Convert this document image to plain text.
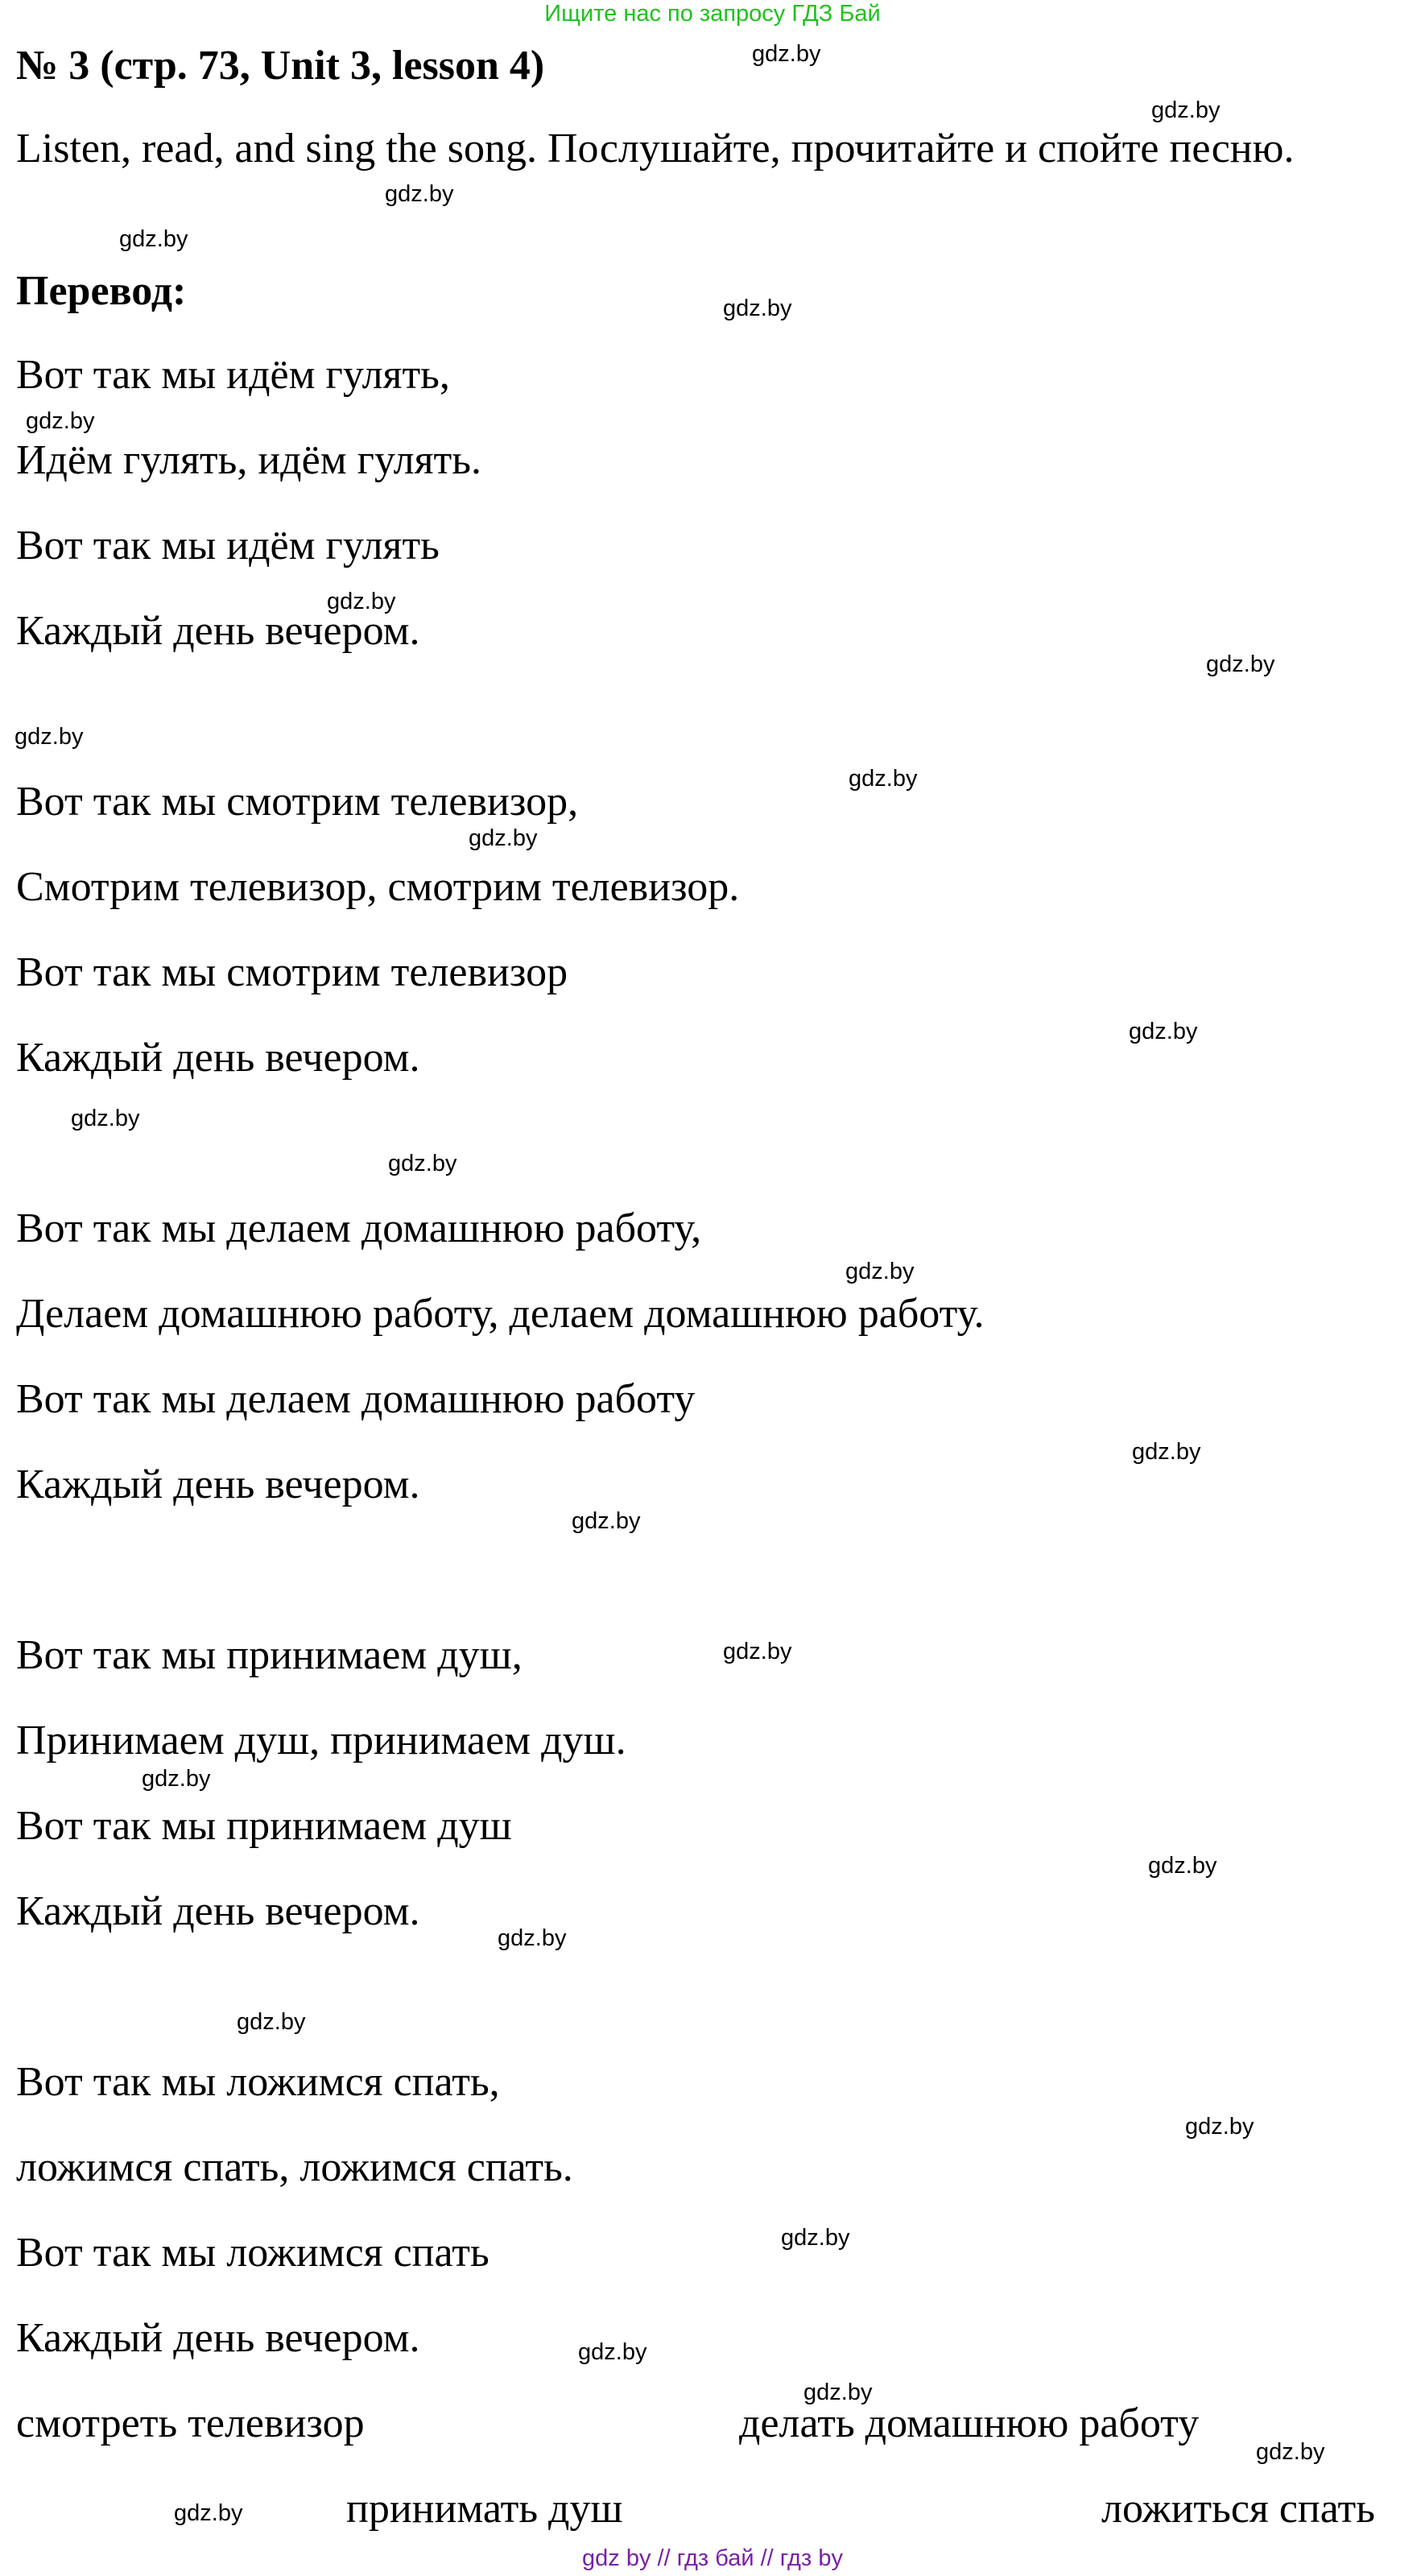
Ищите нас по запросу ГДЗ Бай
№ 3 (стр. 73, Unit 3, lesson 4)
Listen, read, and sing the song. Послушайте, прочитайте и спойте песню.
Перевод:
Вот так мы идём гулять,
Идём гулять, идём гулять.
Вот так мы идём гулять
Каждый день вечером.
Вот так мы смотрим телевизор,
Смотрим телевизор, смотрим телевизор.
Вот так мы смотрим телевизор
Каждый день вечером.
Вот так мы делаем домашнюю работу,
Делаем домашнюю работу, делаем домашнюю работу.
Вот так мы делаем домашнюю работу
Каждый день вечером.
Вот так мы принимаем душ,
Принимаем душ, принимаем душ.
Вот так мы принимаем душ
Каждый день вечером.
Вот так мы ложимся спать,
ложимся спать, ложимся спать.
Вот так мы ложимся спать
Каждый день вечером.
смотреть телевизор	делать домашнюю работу
принимать душ	ложиться спать
gdz.by
gdz.by
gdz.by
gdz.by
gdz.by
gdz.by
gdz.by
gdz.by
gdz.by
gdz.by
gdz.by
gdz.by
gdz.by
gdz.by
gdz.by
gdz.by
gdz.by
gdz.by
gdz.by
gdz.by
gdz.by
gdz.by
gdz.by
gdz.by
gdz.by
gdz.by
gdz.by
gdz.by
gdz by // гдз бай // гдз by
